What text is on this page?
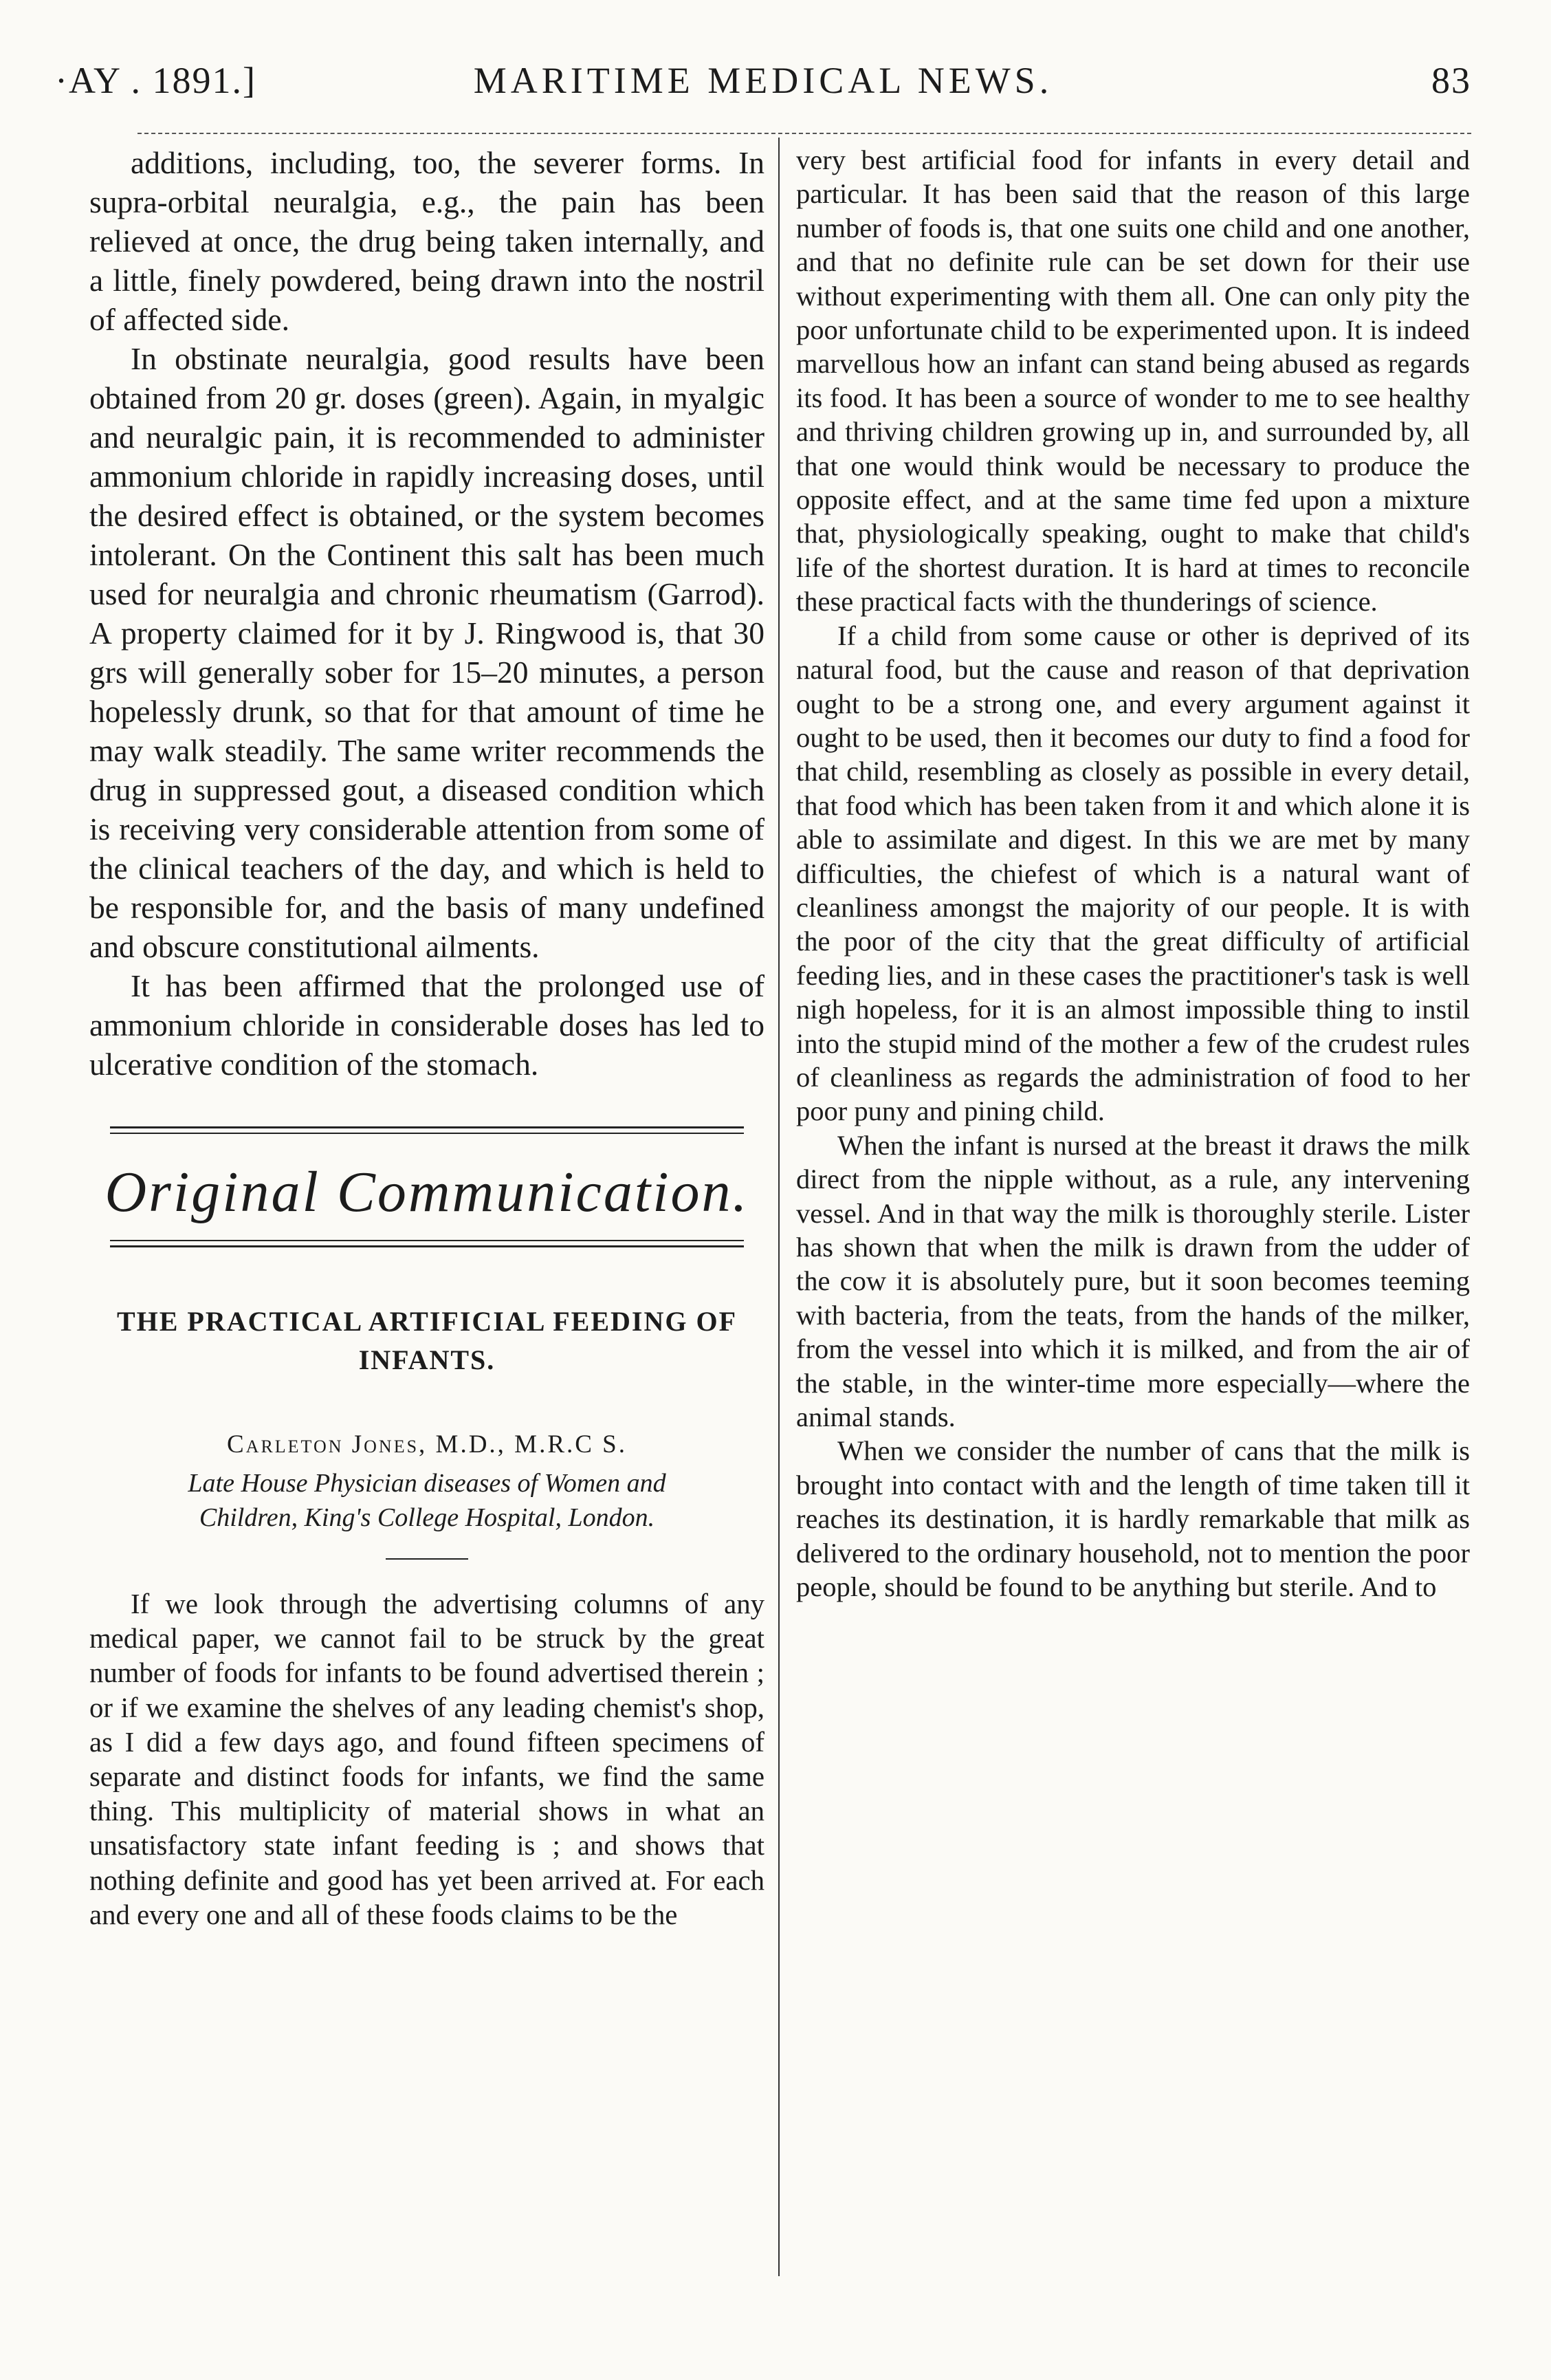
·AY . 1891.]	MARITIME MEDICAL NEWS.	83

additions, including, too, the severer forms. In supra-orbital neuralgia, e.g., the pain has been relieved at once, the drug being taken internally, and a little, finely powdered, being drawn into the nostril of affected side.

In obstinate neuralgia, good results have been obtained from 20 gr. doses (green). Again, in myalgic and neuralgic pain, it is recommended to administer ammonium chloride in rapidly increasing doses, until the desired effect is obtained, or the system becomes intolerant. On the Continent this salt has been much used for neuralgia and chronic rheumatism (Garrod). A property claimed for it by J. Ringwood is, that 30 grs will generally sober for 15–20 minutes, a person hopelessly drunk, so that for that amount of time he may walk steadily. The same writer recommends the drug in suppressed gout, a diseased condition which is receiving very considerable attention from some of the clinical teachers of the day, and which is held to be responsible for, and the basis of many undefined and obscure constitutional ailments.

It has been affirmed that the prolonged use of ammonium chloride in considerable doses has led to ulcerative condition of the stomach.

Original Communication.
THE PRACTICAL ARTIFICIAL FEEDING OF INFANTS.
Carleton Jones, M.D., M.R.C S.
Late House Physician diseases of Women and
Children, King's College Hospital, London.

If we look through the advertising columns of any medical paper, we cannot fail to be struck by the great number of foods for infants to be found advertised therein ; or if we examine the shelves of any leading chemist's shop, as I did a few days ago, and found fifteen specimens of separate and distinct foods for infants, we find the same thing. This multiplicity of material shows in what an unsatisfactory state infant feeding is ; and shows that nothing definite and good has yet been arrived at. For each and every one and all of these foods claims to be the

very best artificial food for infants in every detail and particular. It has been said that the reason of this large number of foods is, that one suits one child and one another, and that no definite rule can be set down for their use without experimenting with them all. One can only pity the poor unfortunate child to be experimented upon. It is indeed marvellous how an infant can stand being abused as regards its food. It has been a source of wonder to me to see healthy and thriving children growing up in, and surrounded by, all that one would think would be necessary to produce the opposite effect, and at the same time fed upon a mixture that, physiologically speaking, ought to make that child's life of the shortest duration. It is hard at times to reconcile these practical facts with the thunderings of science.

If a child from some cause or other is deprived of its natural food, but the cause and reason of that deprivation ought to be a strong one, and every argument against it ought to be used, then it becomes our duty to find a food for that child, resembling as closely as possible in every detail, that food which has been taken from it and which alone it is able to assimilate and digest. In this we are met by many difficulties, the chiefest of which is a natural want of cleanliness amongst the majority of our people. It is with the poor of the city that the great difficulty of artificial feeding lies, and in these cases the practitioner's task is well nigh hopeless, for it is an almost impossible thing to instil into the stupid mind of the mother a few of the crudest rules of cleanliness as regards the administration of food to her poor puny and pining child.

When the infant is nursed at the breast it draws the milk direct from the nipple without, as a rule, any intervening vessel. And in that way the milk is thoroughly sterile. Lister has shown that when the milk is drawn from the udder of the cow it is absolutely pure, but it soon becomes teeming with bacteria, from the teats, from the hands of the milker, from the vessel into which it is milked, and from the air of the stable, in the winter-time more especially—where the animal stands.

When we consider the number of cans that the milk is brought into contact with and the length of time taken till it reaches its destination, it is hardly remarkable that milk as delivered to the ordinary household, not to mention the poor people, should be found to be anything but sterile. And to
